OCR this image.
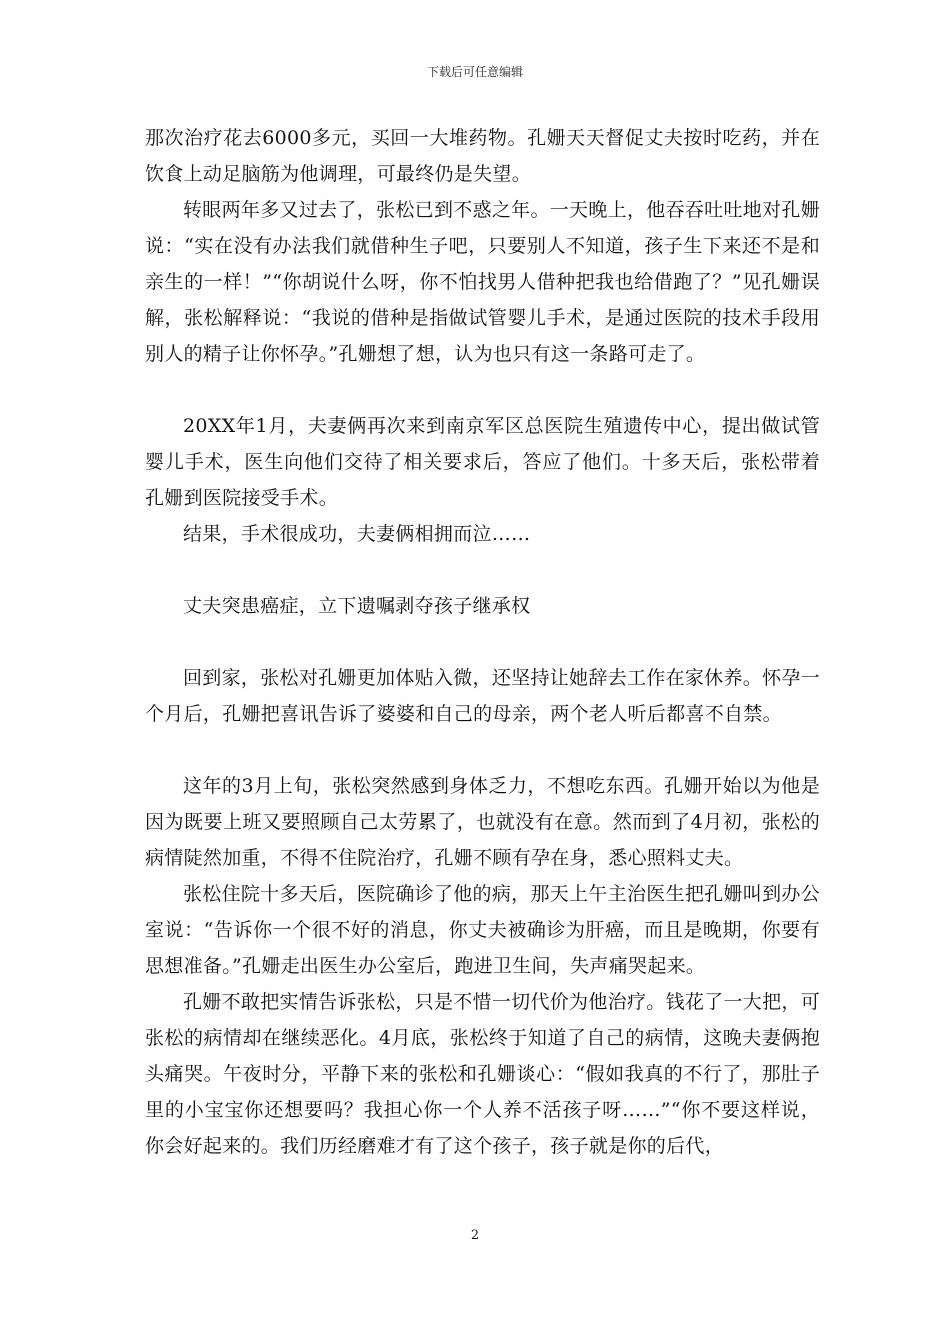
下载后可任意编辑

那次治疗花去6000多元，买回一大堆药物。孔姗天天督促丈夫按时吃药，并在饮食上动足脑筋为他调理，可最终仍是失望。

转眼两年多又过去了，张松已到不惑之年。一天晚上，他吞吞吐吐地对孔姗说：“实在没有办法我们就借种生子吧，只要别人不知道，孩子生下来还不是和亲生的一样！”“你胡说什么呀，你不怕找男人借种把我也给借跑了？”见孔姗误解，张松解释说：“我说的借种是指做试管婴儿手术，是通过医院的技术手段用别人的精子让你怀孕。”孔姗想了想，认为也只有这一条路可走了。

20XX年1月，夫妻俩再次来到南京军区总医院生殖遗传中心，提出做试管婴儿手术，医生向他们交待了相关要求后，答应了他们。十多天后，张松带着孔姗到医院接受手术。

结果，手术很成功，夫妻俩相拥而泣……

丈夫突患癌症，立下遗嘱剥夺孩子继承权

回到家，张松对孔姗更加体贴入微，还坚持让她辞去工作在家休养。怀孕一个月后，孔姗把喜讯告诉了婆婆和自己的母亲，两个老人听后都喜不自禁。

这年的3月上旬，张松突然感到身体乏力，不想吃东西。孔姗开始以为他是因为既要上班又要照顾自己太劳累了，也就没有在意。然而到了4月初，张松的病情陡然加重，不得不住院治疗，孔姗不顾有孕在身，悉心照料丈夫。

张松住院十多天后，医院确诊了他的病，那天上午主治医生把孔姗叫到办公室说：“告诉你一个很不好的消息，你丈夫被确诊为肝癌，而且是晚期，你要有思想准备。”孔姗走出医生办公室后，跑进卫生间，失声痛哭起来。

孔姗不敢把实情告诉张松，只是不惜一切代价为他治疗。钱花了一大把，可张松的病情却在继续恶化。4月底，张松终于知道了自己的病情，这晚夫妻俩抱头痛哭。午夜时分，平静下来的张松和孔姗谈心：“假如我真的不行了，那肚子里的小宝宝你还想要吗？我担心你一个人养不活孩子呀……”“你不要这样说，你会好起来的。我们历经磨难才有了这个孩子，孩子就是你的后代，

2
